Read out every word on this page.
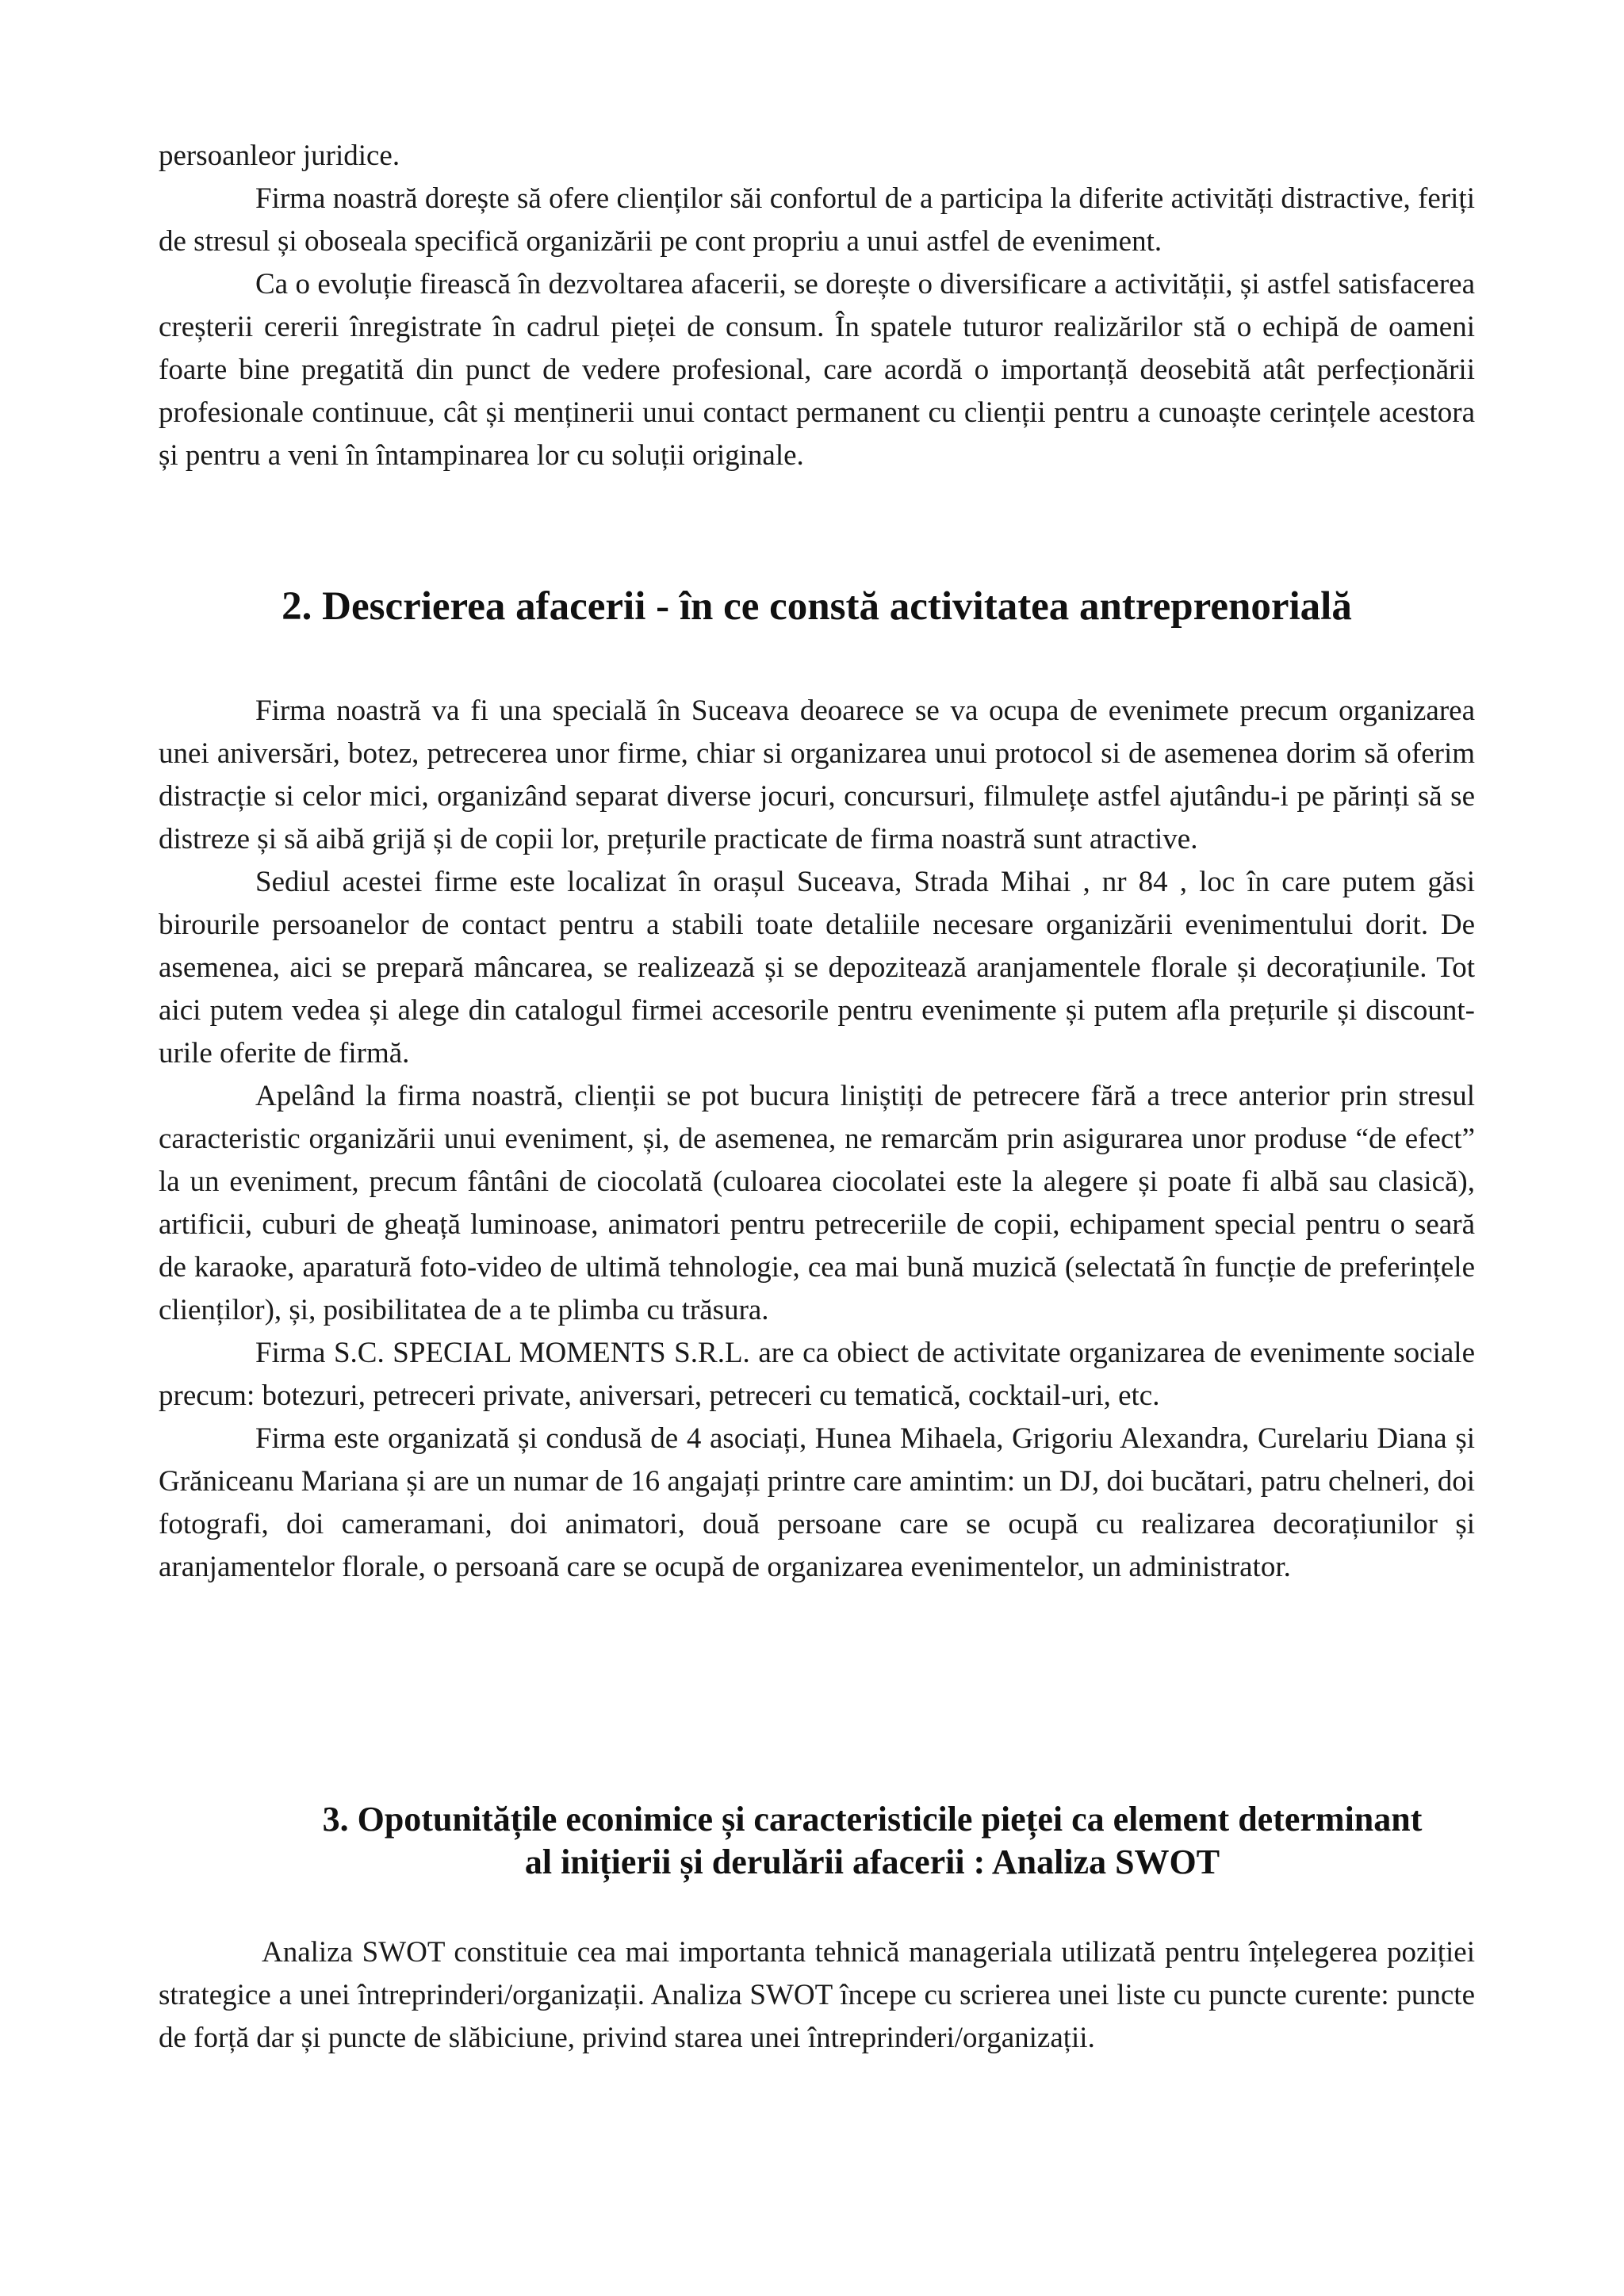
persoanleor juridice.

Firma noastră dorește să ofere clienților săi confortul de a participa la diferite activități distractive, feriți de stresul și oboseala specifică organizării pe cont propriu a unui astfel de eveniment.

Ca o evoluție firească în dezvoltarea afacerii, se dorește o diversificare a activității, și astfel satisfacerea creșterii cererii înregistrate în cadrul pieței de consum. În spatele tuturor realizărilor stă o echipă de oameni foarte bine pregatită din punct de vedere profesional, care acordă o importanță deosebită atât perfecționării profesionale continuue, cât și menținerii unui contact permanent cu clienții pentru a cunoaște cerințele acestora și pentru a veni în întampinarea lor cu soluții originale.

2. Descrierea afacerii - în ce constă activitatea antreprenorială

Firma noastră va fi una specială în Suceava deoarece se va ocupa de evenimete precum organizarea unei aniversări, botez, petrecerea unor firme, chiar si organizarea unui protocol si de asemenea dorim să oferim distracție si celor mici, organizând separat diverse jocuri, concursuri, filmulețe astfel ajutându-i pe părinți să se distreze și să aibă grijă și de copii lor, prețurile practicate de firma noastră sunt atractive.

Sediul acestei firme este localizat în orașul Suceava, Strada Mihai , nr 84 , loc în care putem găsi birourile persoanelor de contact pentru a stabili toate detaliile necesare organizării evenimentului dorit. De asemenea, aici se prepară mâncarea, se realizează și se depozitează aranjamentele florale și decorațiunile. Tot aici putem vedea și alege din catalogul firmei accesorile pentru evenimente și putem afla prețurile și discount-urile oferite de firmă.

Apelând la firma noastră, clienții se pot bucura liniștiți de petrecere fără a trece anterior prin stresul caracteristic organizării unui eveniment, și, de asemenea, ne remarcăm prin asigurarea unor produse “de efect” la un eveniment, precum fântâni de ciocolată (culoarea ciocolatei este la alegere și poate fi albă sau clasică), artificii, cuburi de gheață luminoase, animatori pentru petreceriile de copii, echipament special pentru o seară de karaoke, aparatură foto-video de ultimă tehnologie, cea mai bună muzică (selectată în funcție de preferințele clienților), și, posibilitatea de a te plimba cu trăsura.

Firma S.C. SPECIAL MOMENTS S.R.L. are ca obiect de activitate organizarea de evenimente sociale precum: botezuri, petreceri private, aniversari, petreceri cu tematică, cocktail-uri, etc.

Firma este organizată și condusă de 4 asociați, Hunea Mihaela, Grigoriu Alexandra, Curelariu Diana și Grăniceanu Mariana și are un numar de 16 angajați printre care amintim: un DJ, doi bucătari, patru chelneri, doi fotografi, doi cameramani, doi animatori, două persoane care se ocupă cu realizarea decorațiunilor și aranjamentelor florale, o persoană care se ocupă de organizarea evenimentelor, un administrator.

3. Opotunitățile econimice și caracteristicile pieței ca element determinant
al inițierii și derulării afacerii : Analiza SWOT

Analiza SWOT constituie cea mai importanta tehnică manageriala utilizată pentru înțelegerea poziției strategice a unei întreprinderi/organizații. Analiza SWOT începe cu scrierea unei liste cu puncte curente: puncte de forță dar și puncte de slăbiciune, privind starea unei întreprinderi/organizații.
